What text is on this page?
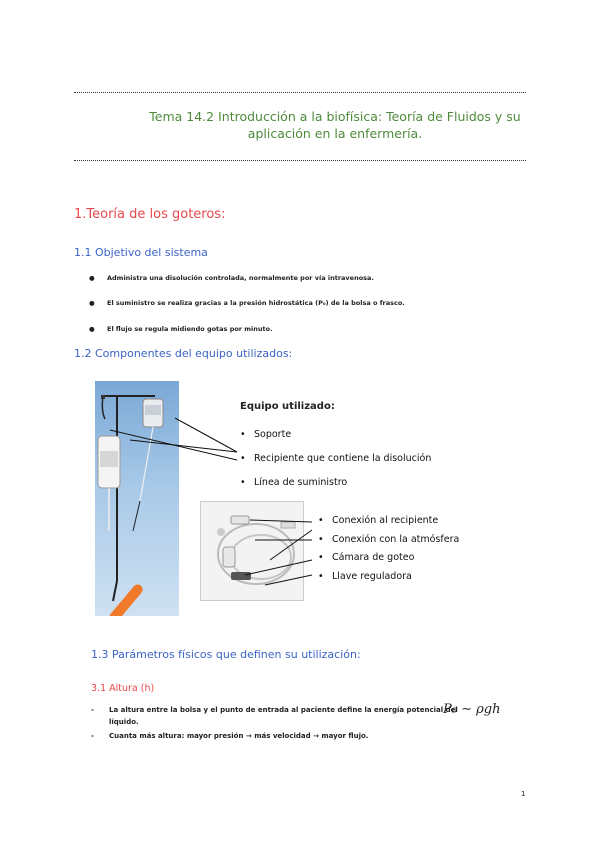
Tema 14.2 Introducción a la biofísica: Teoría de Fluidos y su aplicación en la enfermería.
1.Teoría de los goteros:
1.1 Objetivo del sistema
● Administra una disolución controlada, normalmente por vía intravenosa.
● El suministro se realiza gracias a la presión hidrostática (P₀) de la bolsa o frasco.
● El flujo se regula midiendo gotas por minuto.
1.2 Componentes del equipo utilizados:
Equipo utilizado:
• Soporte
• Recipiente que contiene la disolución
• Línea de suministro
• Conexión al recipiente
• Conexión con la atmósfera
• Cámara de goteo
• Llave reguladora
1.3 Parámetros físicos que definen su utilización:
3.1 Altura (h)
- La altura entre la bolsa y el punto de entrada al paciente define la energía potencial del
líquido.
- Cuanta más altura: mayor presión → más velocidad → mayor flujo.
P₀ ∼ ρgh
1
